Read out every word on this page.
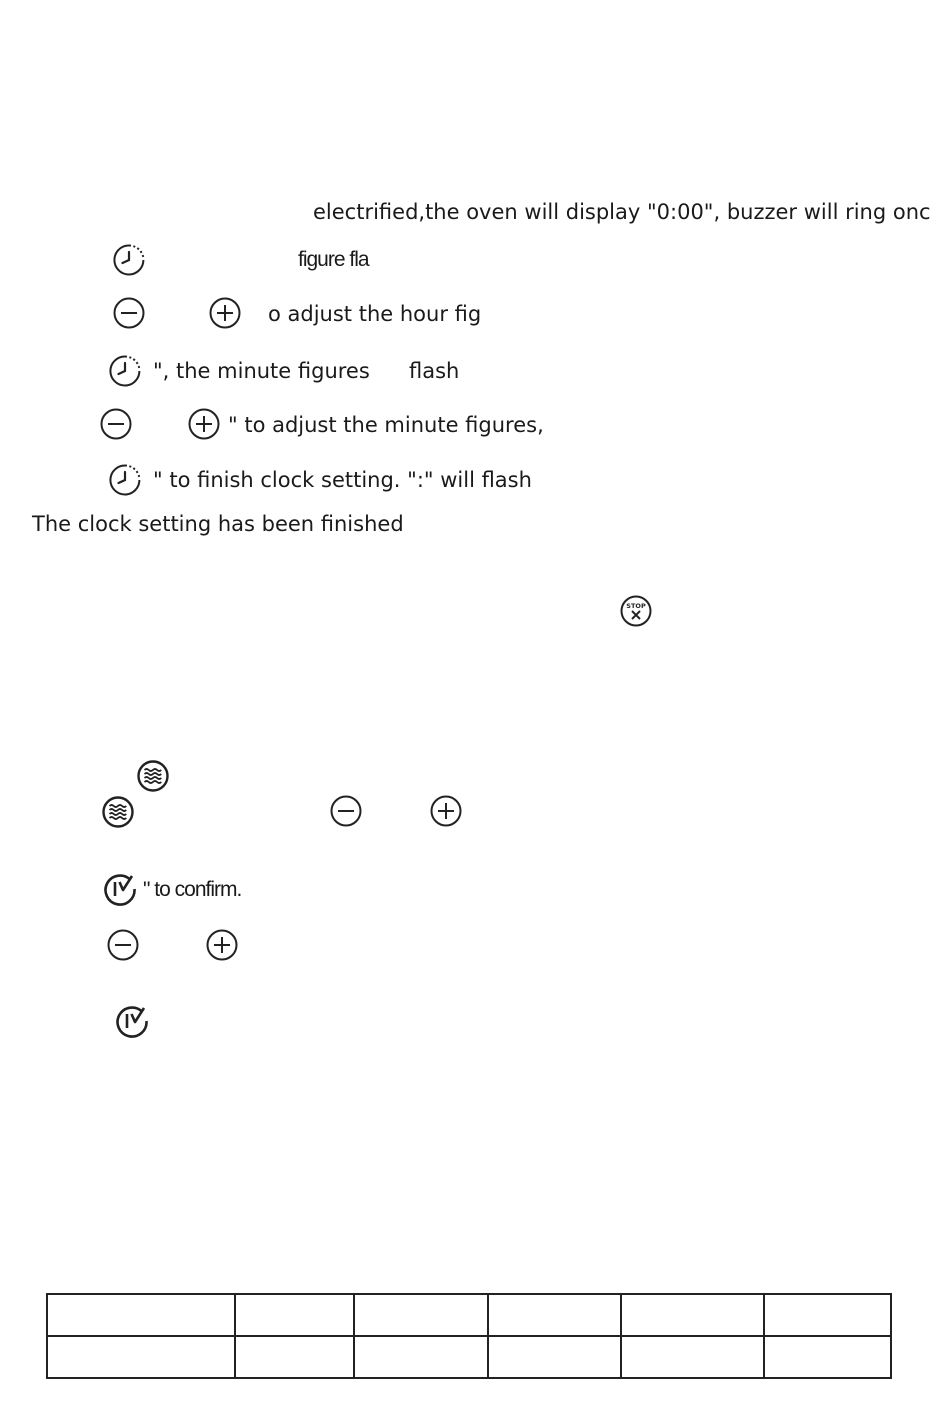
electrified,the oven will display "0:00", buzzer will ring onc
figure fla
o adjust the hour fig
", the minute figures flash
" to adjust the minute figures,
" to finish clock setting. ":" will flash
The clock setting has been finished
STOP
" to confirm.
